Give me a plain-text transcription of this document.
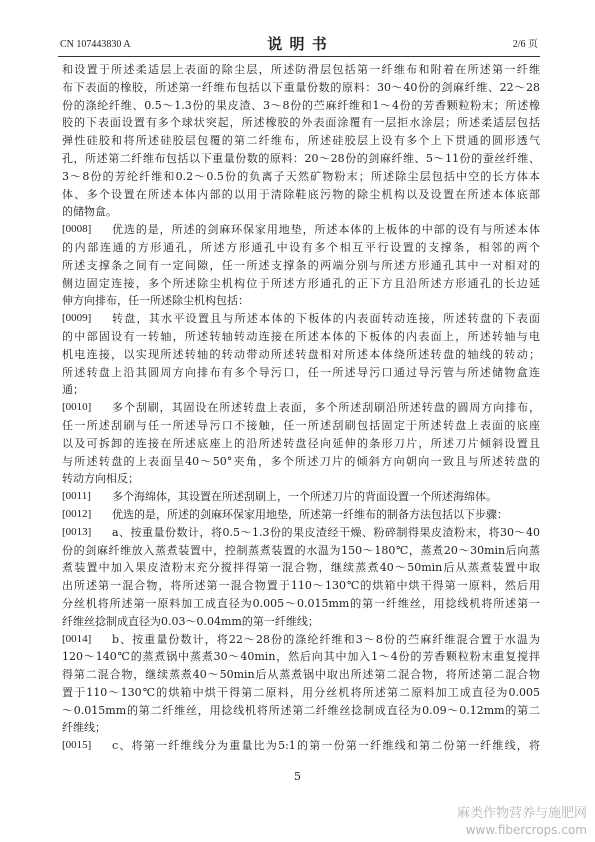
CN 107443830 A	说 明 书	2/6 页
和设置于所述柔适层上表面的除尘层，所述防滑层包括第一纤维布和附着在所述第一纤维
布下表面的橡胶，所述第一纤维布包括以下重量份数的原料：30～40份的剑麻纤维、22～28
份的涤纶纤维、0.5～1.3份的果皮渣、3～8份的苎麻纤维和1～4份的芳香颗粒粉末；所述橡
胶的下表面设置有多个球状突起，所述橡胶的外表面涂覆有一层拒水涂层；所述柔适层包括
弹性硅胶和将所述硅胶层包覆的第二纤维布，所述硅胶层上设有多个上下贯通的圆形透气
孔，所述第二纤维布包括以下重量份数的原料：20～28份的剑麻纤维、5～11份的蚕丝纤维、
3～8份的芳纶纤维和0.2～0.5份的负离子天然矿物粉末；所述除尘层包括中空的长方体本
体、多个设置在所述本体内部的以用于清除鞋底污物的除尘机构以及设置在所述本体底部
的储物盒。
[0008]	优选的是，所述的剑麻环保家用地垫，所述本体的上板体的中部的设有与所述本体
的内部连通的方形通孔，所述方形通孔中设有多个相互平行设置的支撑条，相邻的两个
所述支撑条之间有一定间隙，任一所述支撑条的两端分别与所述方形通孔其中一对相对的
侧边固定连接，多个所述除尘机构位于所述方形通孔的正下方且沿所述方形通孔的长边延
伸方向排布，任一所述除尘机构包括：
[0009]	转盘，其水平设置且与所述本体的下板体的内表面转动连接，所述转盘的下表面
的中部固设有一转轴，所述转轴转动连接在所述本体的下板体的内表面上，所述转轴与电
机电连接，以实现所述转轴的转动带动所述转盘相对所述本体绕所述转盘的轴线的转动；
所述转盘上沿其圆周方向排布有多个导污口，任一所述导污口通过导污管与所述储物盒连
通；
[0010]	多个刮刷，其固设在所述转盘上表面，多个所述刮刷沿所述转盘的圆周方向排布，
任一所述刮刷与任一所述导污口不接触，任一所述刮刷包括固定于所述转盘上表面的底座
以及可拆卸的连接在所述底座上的沿所述转盘径向延伸的条形刀片，所述刀片倾斜设置且
与所述转盘的上表面呈40～50°夹角，多个所述刀片的倾斜方向朝向一致且与所述转盘的
转动方向相反；
[0011]	多个海绵体，其设置在所述刮刷上，一个所述刀片的背面设置一个所述海绵体。
[0012]	优选的是，所述的剑麻环保家用地垫，所述第一纤维布的制备方法包括以下步骤：
[0013]	a、按重量份数计，将0.5～1.3份的果皮渣经干燥、粉碎制得果皮渣粉末，将30～40
份的剑麻纤维放入蒸煮装置中，控制蒸煮装置的水温为150～180℃，蒸煮20～30min后向蒸
煮装置中加入果皮渣粉末充分搅拌得第一混合物，继续蒸煮40～50min后从蒸煮装置中取
出所述第一混合物，将所述第一混合物置于110～130℃的烘箱中烘干得第一原料，然后用
分丝机将所述第一原料加工成直径为0.005～0.015mm的第一纤维丝，用捻线机将所述第一
纤维丝捻制成直径为0.03～0.04mm的第一纤维线；
[0014]	b、按重量份数计，将22～28份的涤纶纤维和3～8份的苎麻纤维混合置于水温为
120～140℃的蒸煮锅中蒸煮30～40min，然后向其中加入1～4份的芳香颗粒粉末重复搅拌
得第二混合物，继续蒸煮40～50min后从蒸煮锅中取出所述第二混合物，将所述第二混合物
置于110～130℃的烘箱中烘干得第二原料，用分丝机将所述第二原料加工成直径为0.005
～0.015mm的第二纤维丝，用捻线机将所述第二纤维丝捻制成直径为0.09～0.12mm的第二
纤维线；
[0015]	c、将第一纤维线分为重量比为5:1的第一份第一纤维线和第二份第一纤维线，将
5
麻类作物营养与施肥网
www.fibercrops.com
